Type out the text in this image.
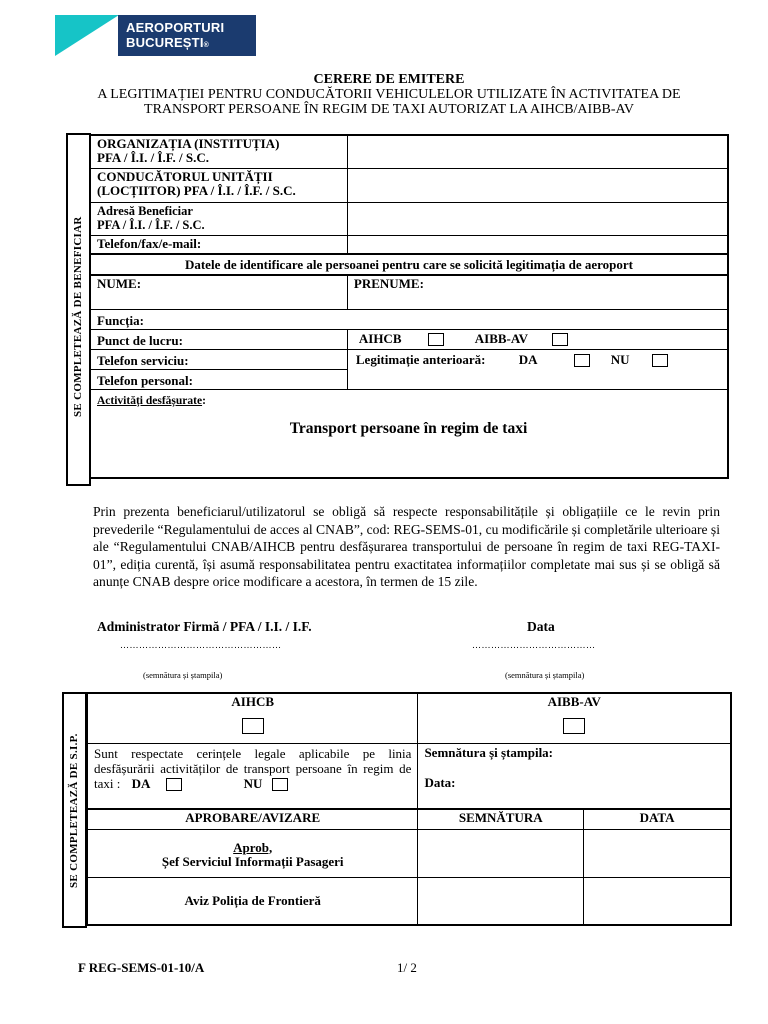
AEROPORTURI
BUCUREȘTI®
CERERE DE EMITERE
A LEGITIMAȚIEI PENTRU CONDUCĂTORII VEHICULELOR UTILIZATE ÎN ACTIVITATEA DE
TRANSPORT PERSOANE ÎN REGIM DE TAXI AUTORIZAT LA AIHCB/AIBB-AV
SE COMPLETEAZĂ DE BENEFICIAR
ORGANIZAȚIA (INSTITUȚIA)
PFA / Î.I. / Î.F. / S.C.	

CONDUCĂTORUL UNITĂȚII
(LOCȚIITOR) PFA / Î.I. / Î.F. / S.C.	

Adresă Beneficiar
PFA / Î.I. / Î.F. / S.C.	

Telefon/fax/e-mail:	
Datele de identificare ale persoanei pentru care se solicită legitimația de aeroport	
NUME:	PRENUME:
Funcția:	
Punct de lucru:	AIHCB AIBB-AV
Telefon serviciu:	Legitimație anterioară: DA NU
Telefon personal:	

Activități desfășurate:
Transport persoane în regim de taxi	
Prin prezenta beneficiarul/utilizatorul se obligă să respecte responsabilitățile și obligațiile ce le revin prin prevederile “Regulamentului de acces al CNAB”, cod: REG-SEMS-01, cu modificările și completările ulterioare și ale “Regulamentului CNAB/AIHCB pentru desfășurarea transportului de persoane în regim de taxi REG-TAXI-01”, ediția curentă, își asumă responsabilitatea pentru exactitatea informațiilor completate mai sus și se obligă să anunțe CNAB despre orice modificare a acestora, în termen de 15 zile.
Administrator Firmă / PFA / I.I. / I.F.	Data
……………………………………………	…………………………………
(semnătura și ștampila)	(semnătura și ștampila)
SE COMPLETEAZĂ DE S.I.P.
AIHCB	AIBB-AV	

Sunt respectate cerințele legale aplicabile pe linia desfășurării activităților de transport persoane în regim de taxi : DA NU	Semnătura și ștampila:
Data:	

APROBARE/AVIZARE	SEMNĂTURA	DATA

Aprob,
Șef Serviciul Informații Pasageri		

Aviz Poliția de Frontieră		
F REG-SEMS-01-10/A	1/ 2
